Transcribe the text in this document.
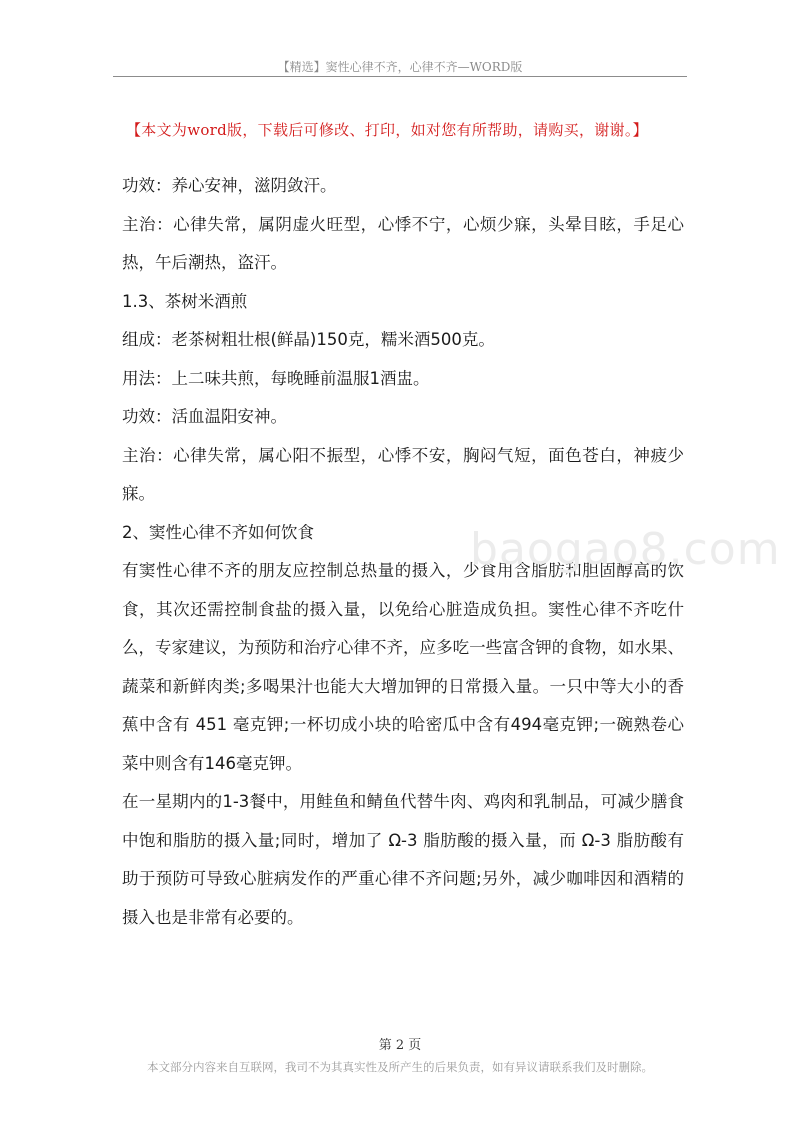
【精选】窦性心律不齐，心律不齐—WORD版
【本文为word版，下载后可修改、打印，如对您有所帮助，请购买，谢谢。】

功效：养心安神，滋阴敛汗。

主治：心律失常，属阴虚火旺型，心悸不宁，心烦少寐，头晕目眩，手足心热，午后潮热，盗汗。

1.3、茶树米酒煎

组成：老茶树粗壮根(鲜晶)150克，糯米酒500克。

用法：上二味共煎，每晚睡前温服1酒盅。

功效：活血温阳安神。

主治：心律失常，属心阳不振型，心悸不安，胸闷气短，面色苍白，神疲少寐。

2、窦性心律不齐如何饮食

有窦性心律不齐的朋友应控制总热量的摄入，少食用含脂肪和胆固醇高的饮食，其次还需控制食盐的摄入量，以免给心脏造成负担。窦性心律不齐吃什么，专家建议，为预防和治疗心律不齐，应多吃一些富含钾的食物，如水果、蔬菜和新鲜肉类;多喝果汁也能大大增加钾的日常摄入量。一只中等大小的香蕉中含有 451 毫克钾;一杯切成小块的哈密瓜中含有494毫克钾;一碗熟卷心菜中则含有146毫克钾。

在一星期内的1-3餐中，用鲑鱼和鲭鱼代替牛肉、鸡肉和乳制品，可减少膳食中饱和脂肪的摄入量;同时，增加了 Ω-3 脂肪酸的摄入量，而 Ω-3 脂肪酸有助于预防可导致心脏病发作的严重心律不齐问题;另外，减少咖啡因和酒精的摄入也是非常有必要的。

baogao8.com
第 2 页
本文部分内容来自互联网，我司不为其真实性及所产生的后果负责，如有异议请联系我们及时删除。
